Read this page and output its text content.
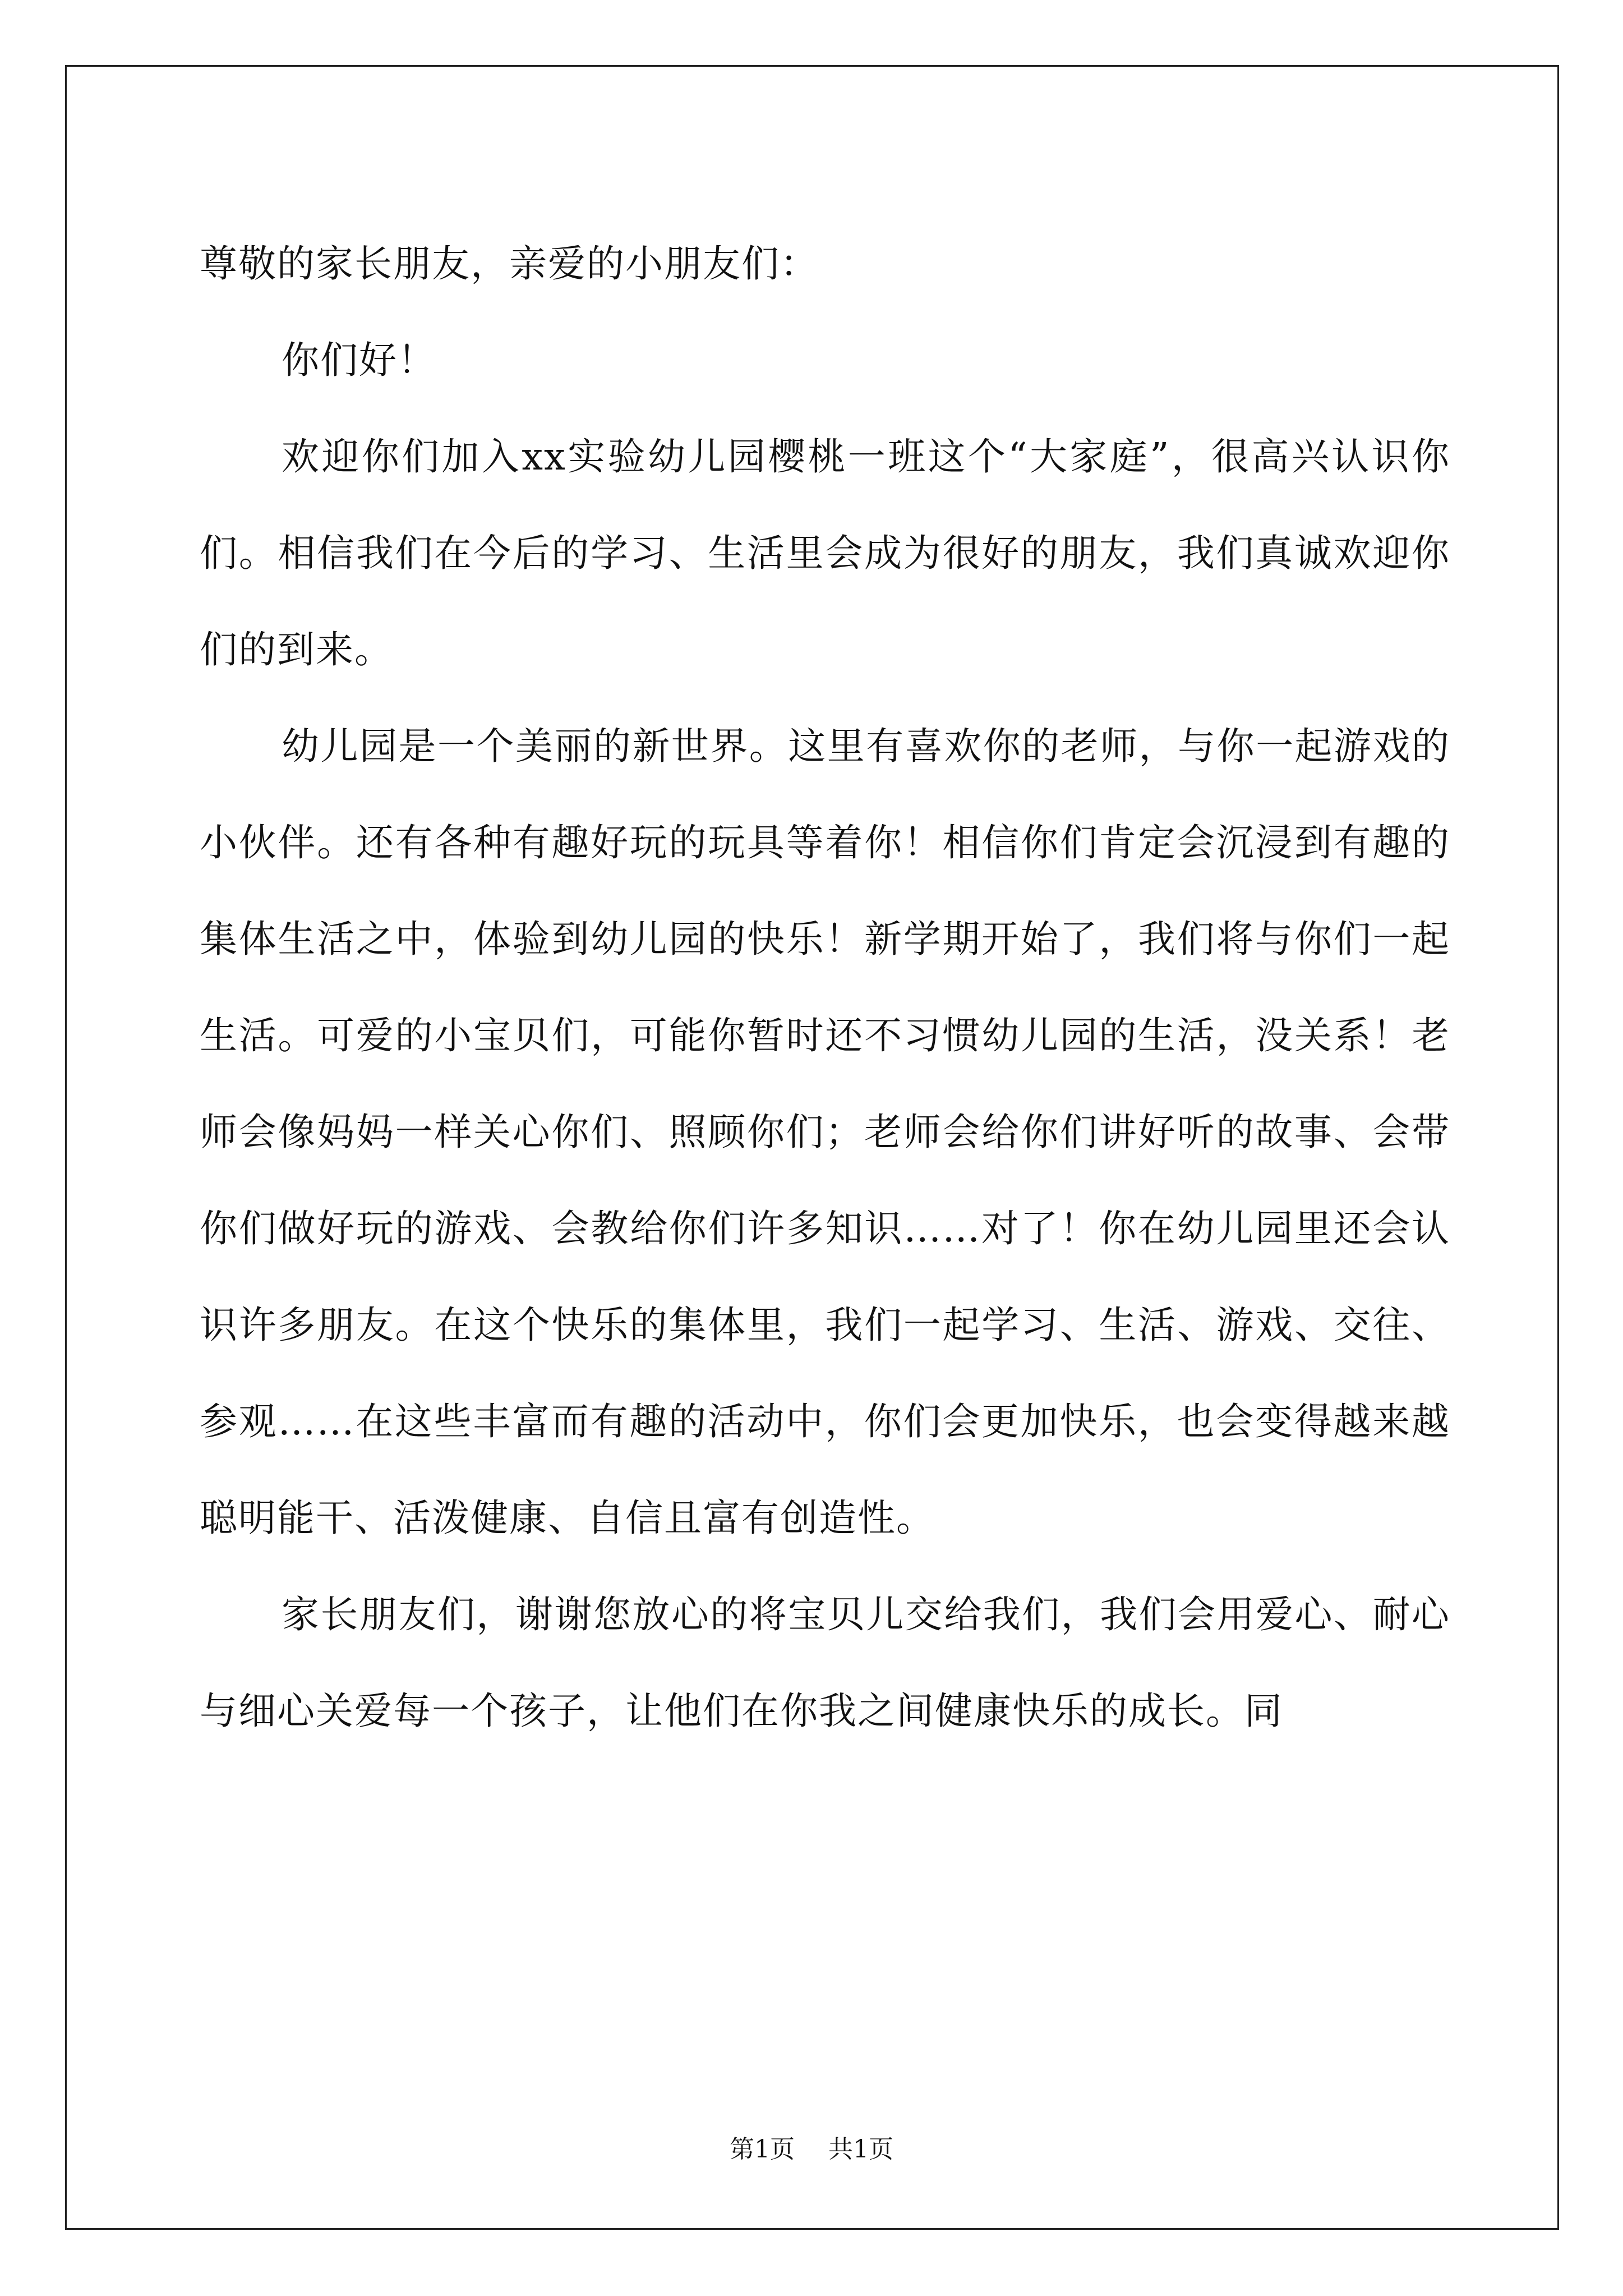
尊敬的家长朋友，亲爱的小朋友们：

你们好！

欢迎你们加入xx实验幼儿园樱桃一班这个“大家庭”，很高兴认识你们。相信我们在今后的学习、生活里会成为很好的朋友，我们真诚欢迎你们的到来。

幼儿园是一个美丽的新世界。这里有喜欢你的老师，与你一起游戏的小伙伴。还有各种有趣好玩的玩具等着你！相信你们肯定会沉浸到有趣的集体生活之中，体验到幼儿园的快乐！新学期开始了，我们将与你们一起生活。可爱的小宝贝们，可能你暂时还不习惯幼儿园的生活，没关系！老师会像妈妈一样关心你们、照顾你们；老师会给你们讲好听的故事、会带你们做好玩的游戏、会教给你们许多知识……对了！你在幼儿园里还会认识许多朋友。在这个快乐的集体里，我们一起学习、生活、游戏、交往、参观……在这些丰富而有趣的活动中，你们会更加快乐，也会变得越来越聪明能干、活泼健康、自信且富有创造性。

家长朋友们，谢谢您放心的将宝贝儿交给我们，我们会用爱心、耐心与细心关爱每一个孩子，让他们在你我之间健康快乐的成长。同

第1页 共1页
